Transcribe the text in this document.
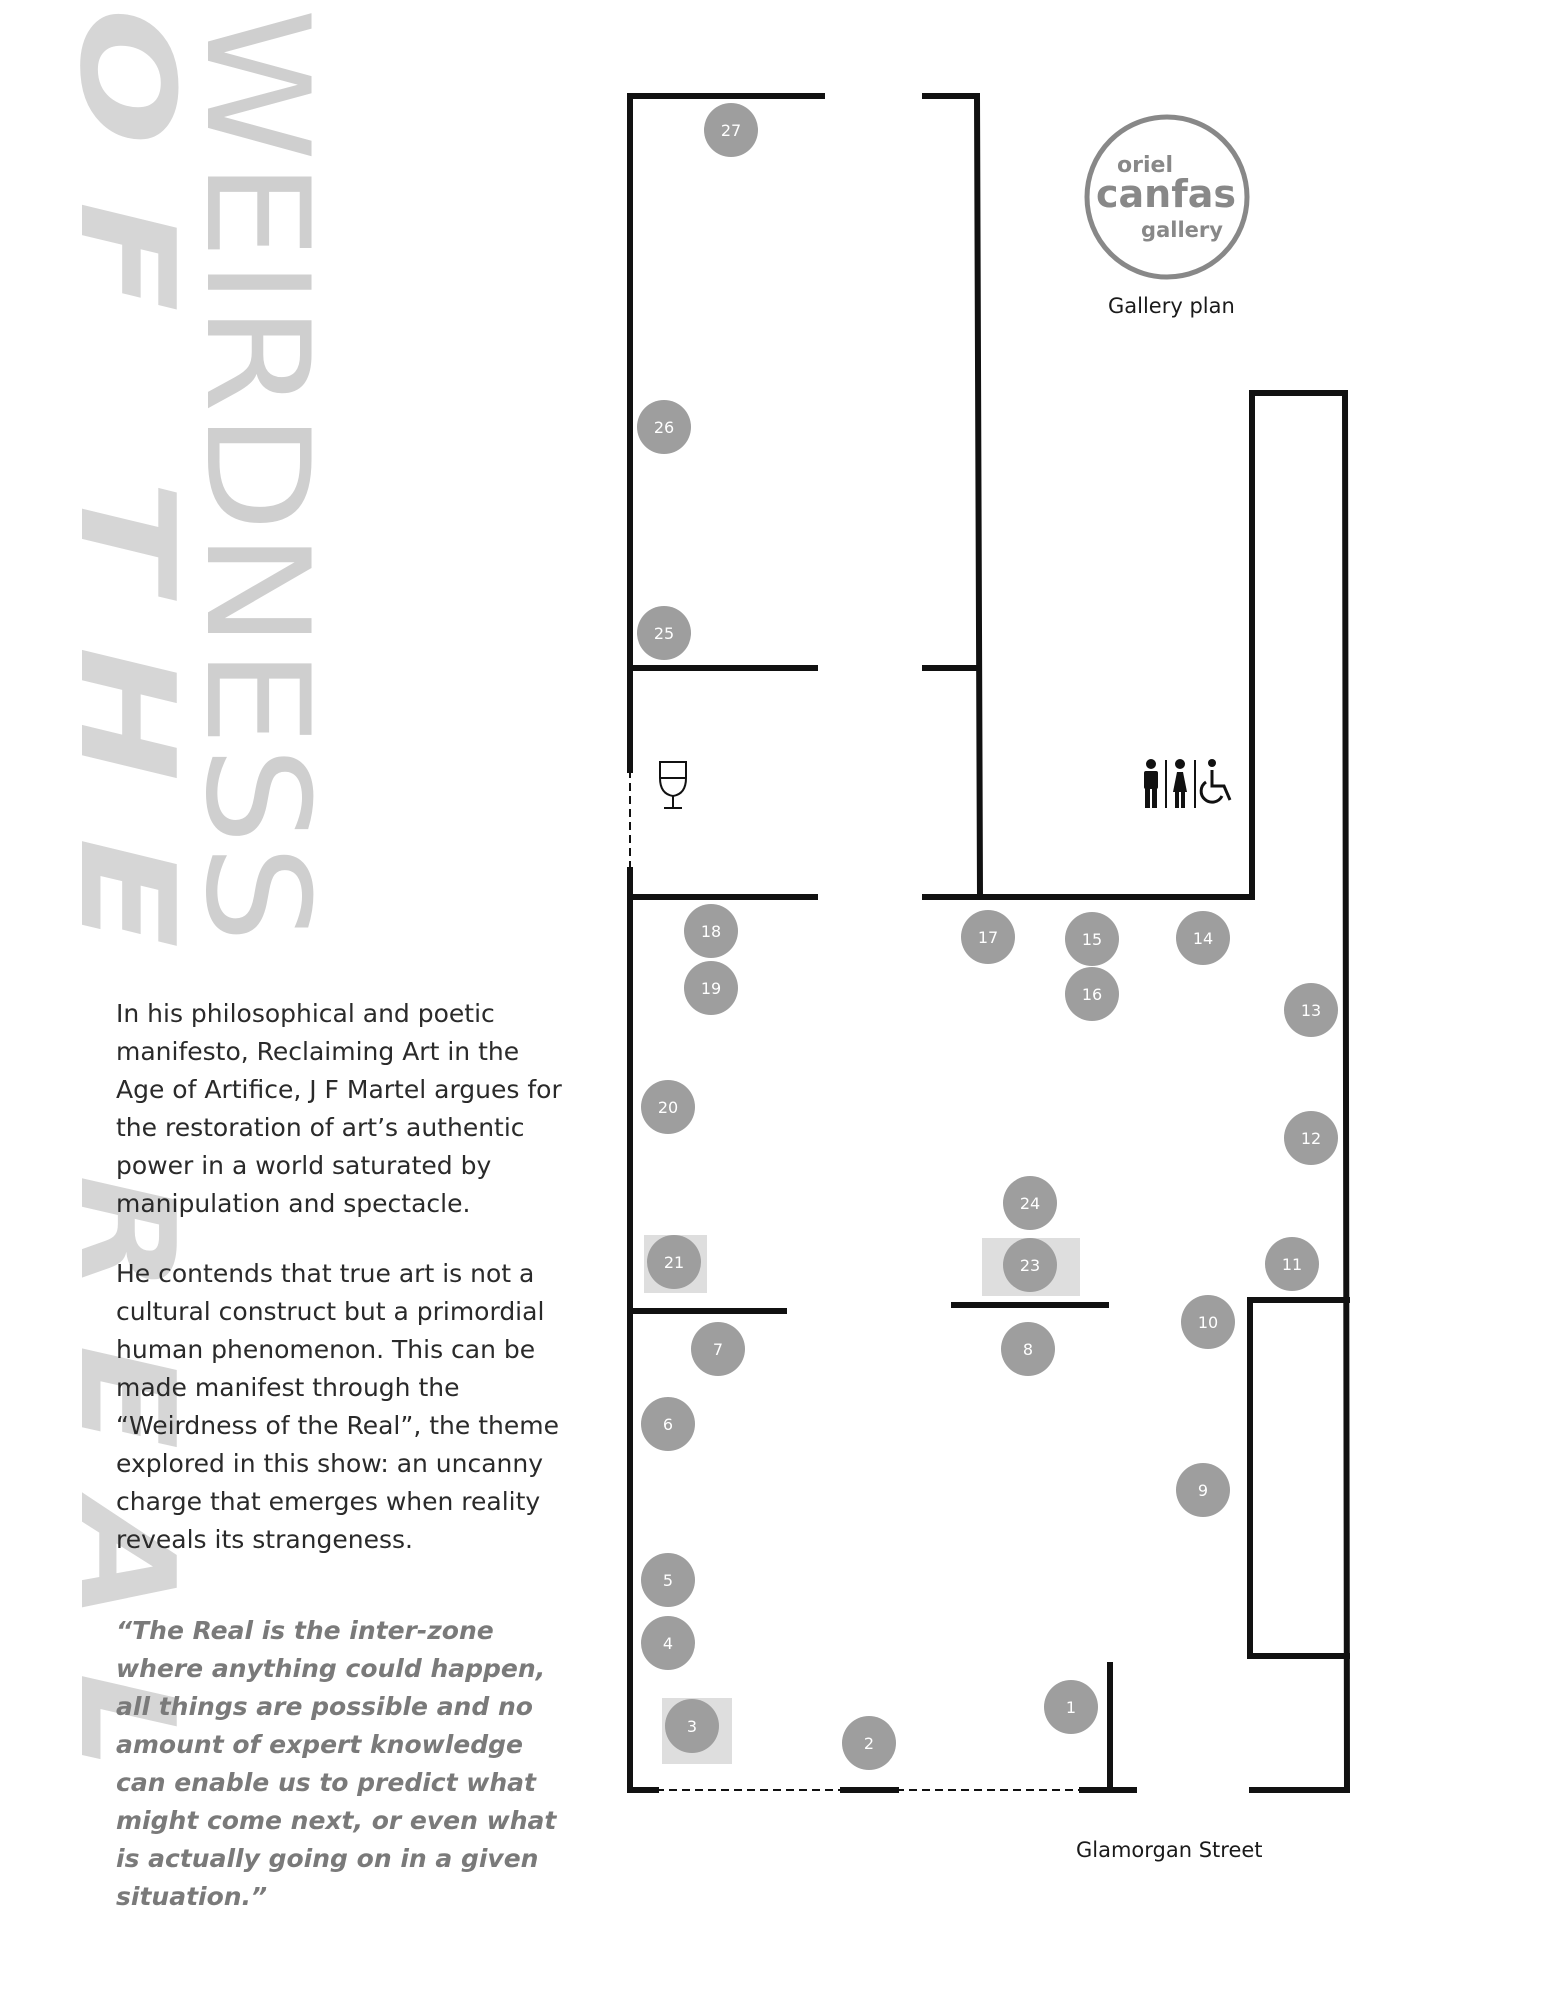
WEIRDNESS
O F   T H E
R E A L

In his philosophical and poetic manifesto, Reclaiming Art in the Age of Artifice, J F Martel argues for the restoration of art’s authentic power in a world saturated by manipulation and spectacle.

He contends that true art is not a cultural construct but a primordial human phenomenon. This can be made manifest through the “Weirdness of the Real”, the theme explored in this show: an uncanny charge that emerges when reality reveals its strangeness.

“The Real is the inter-zone where anything could happen, all things are possible and no amount of expert knowledge can enable us to predict what might come next, or even what is actually going on in a given situation.”

1
2
3
4
5
6
7	8
9
10
11
12
13
14
15
16
17
18
19
20
21	23
24
25
26
27
oriel
canfas
gallery
Gallery plan
Glamorgan Street
